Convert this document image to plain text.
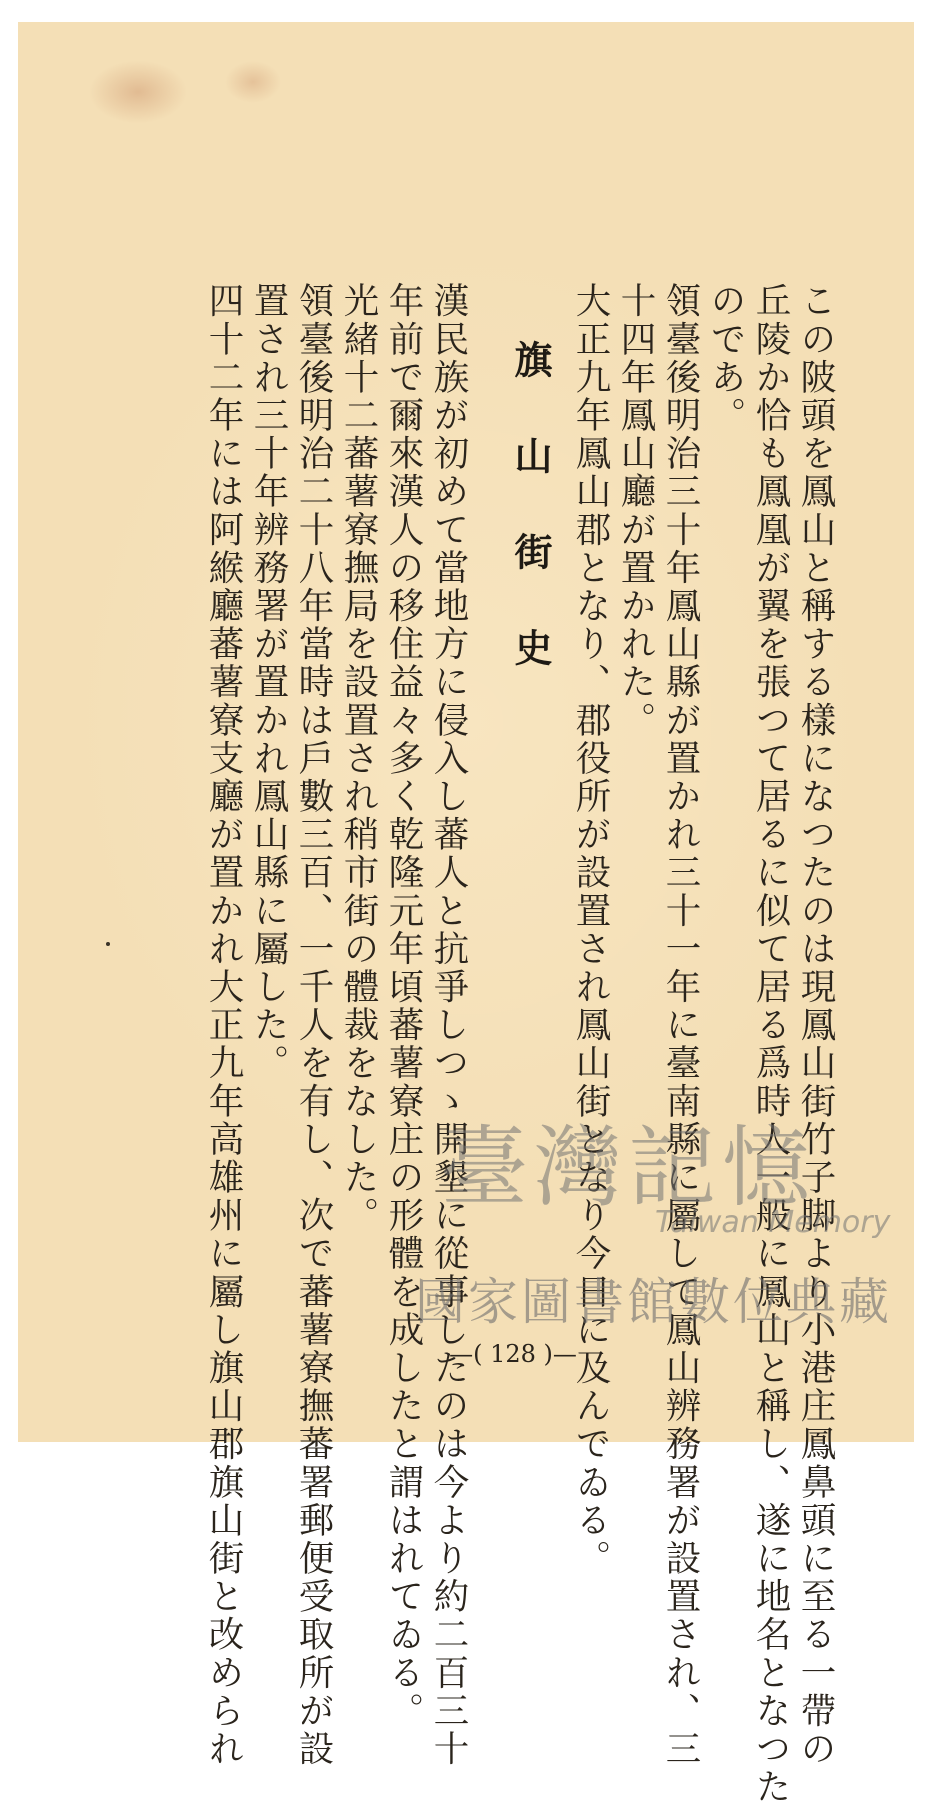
この陂頭を鳳山と稱する樣になつたのは現鳳山街竹子脚より小港庄鳳鼻頭に至る一帶の
丘陵か恰も鳳凰が翼を張つて居るに似て居る爲時人一般に鳳山と稱し、遂に地名となつた
のであ。
領臺後明治三十年鳳山縣が置かれ三十一年に臺南縣に屬して鳳山辨務署が設置され、三
十四年鳳山廳が置かれた。
大正九年鳳山郡となり、郡役所が設置され鳳山街となり今日に及んでゐる。
旗山街史
漢民族が初めて當地方に侵入し蕃人と抗爭しつゝ開墾に從事したのは今より約二百三十
年前で爾來漢人の移住益々多く乾隆元年頃蕃薯寮庄の形體を成したと謂はれてゐる。
光緒十二蕃薯寮撫局を設置され稍市街の體裁をなした。
領臺後明治二十八年當時は戶數三百、一千人を有し、次で蕃薯寮撫蕃署郵便受取所が設
置され三十年辨務署が置かれ鳳山縣に屬した。
四十二年には阿緱廳蕃薯寮支廳が置かれ大正九年高雄州に屬し旗山郡旗山街と改められ	—( 128 )—
臺灣記憶
Taiwan Memory
國家圖書館數位典藏
